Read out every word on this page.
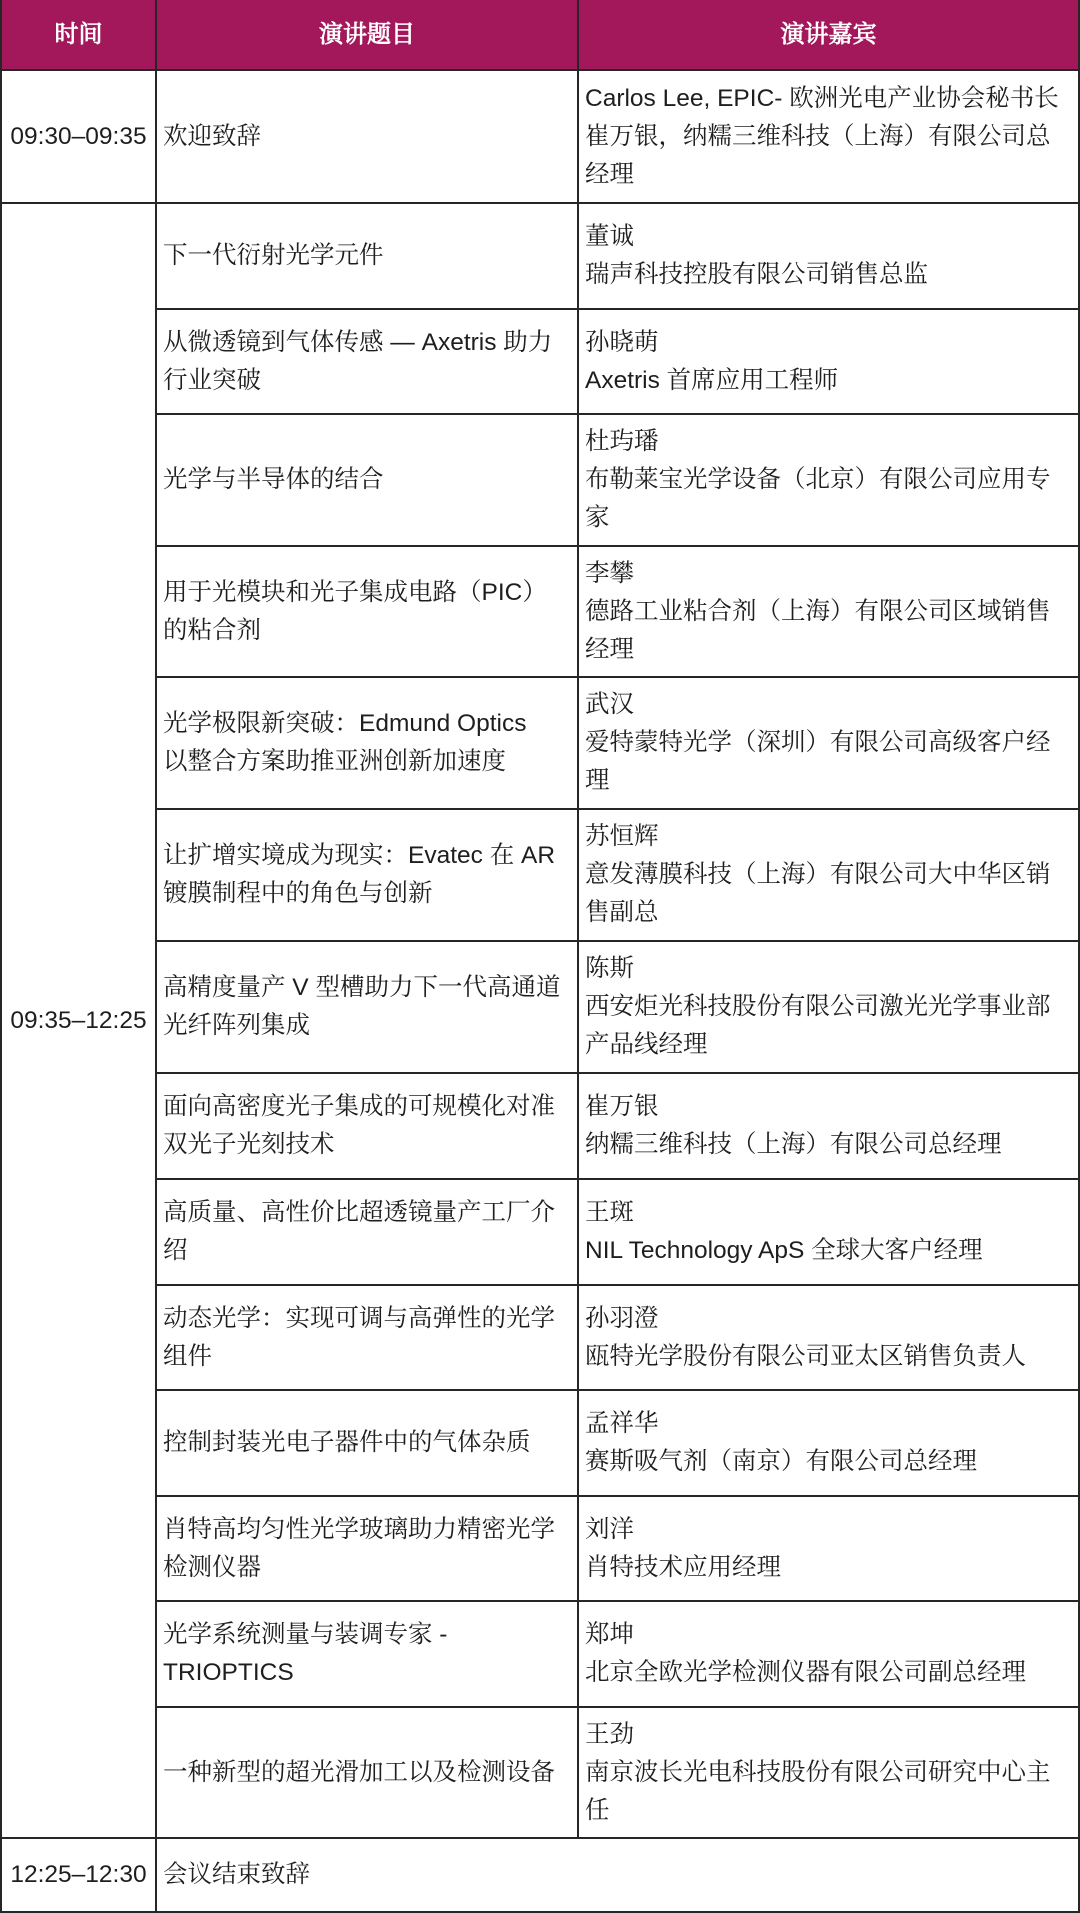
时间	演讲题目	演讲嘉宾
09:30–09:35 欢迎致辞
Carlos Lee, EPIC- 欧洲光电产业协会秘书长
崔万银，纳糯三维科技（上海）有限公司总
经理
09:35–12:25
下一代衍射光学元件
董诚
瑞声科技控股有限公司销售总监
从微透镜到气体传感 — Axetris 助力
行业突破
孙晓萌
Axetris 首席应用工程师
光学与半导体的结合
杜玙璠
布勒莱宝光学设备（北京）有限公司应用专
家
用于光模块和光子集成电路（PIC）
的粘合剂
李攀
德路工业粘合剂（上海）有限公司区域销售
经理
光学极限新突破：Edmund Optics
以整合方案助推亚洲创新加速度
武汉
爱特蒙特光学（深圳）有限公司高级客户经
理
让扩增实境成为现实：Evatec 在 AR
镀膜制程中的角色与创新
苏恒辉
意发薄膜科技（上海）有限公司大中华区销
售副总
高精度量产 V 型槽助力下一代高通道
光纤阵列集成
陈斯
西安炬光科技股份有限公司激光光学事业部
产品线经理
面向高密度光子集成的可规模化对准
双光子光刻技术
崔万银
纳糯三维科技（上海）有限公司总经理
高质量、高性价比超透镜量产工厂介
绍
王斑
NIL Technology ApS 全球大客户经理
动态光学：实现可调与高弹性的光学
组件
孙羽澄
瓯特光学股份有限公司亚太区销售负责人
控制封装光电子器件中的气体杂质
孟祥华
赛斯吸气剂（南京）有限公司总经理
肖特高均匀性光学玻璃助力精密光学
检测仪器
刘洋
肖特技术应用经理
光学系统测量与装调专家 -
TRIOPTICS
郑坤
北京全欧光学检测仪器有限公司副总经理
一种新型的超光滑加工以及检测设备
王劲
南京波长光电科技股份有限公司研究中心主
任
12:25–12:30 会议结束致辞
